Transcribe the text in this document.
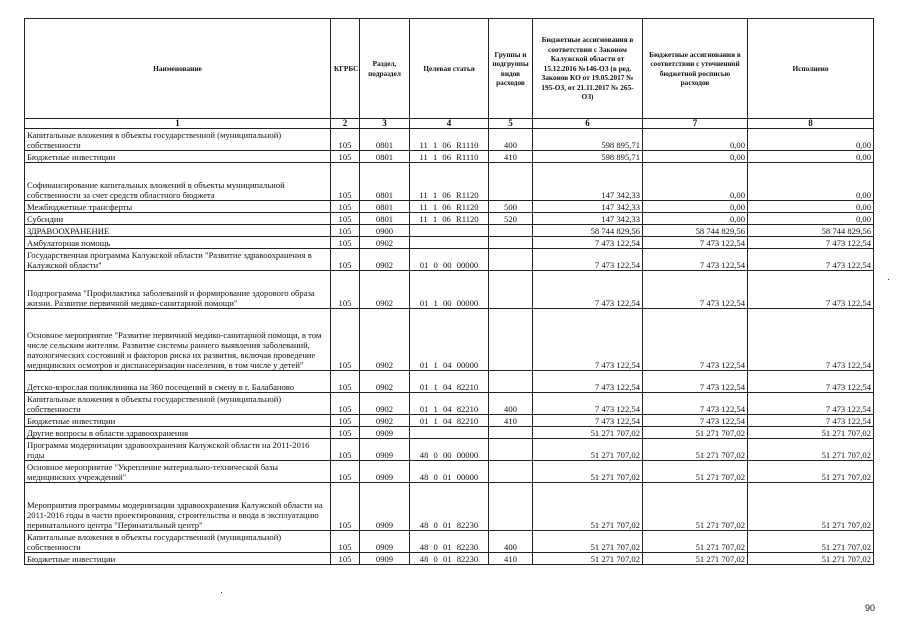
Наименование	КГРБС	Раздел, подраздел	Целевая статья	Группы и подгруппы видов расходов	Бюджетные ассигнования в соответствии с Законом Калужской области от 15.12.2016 №146-ОЗ (в ред. Законов КО от 19.05.2017 № 195-ОЗ, от 21.11.2017 № 265-ОЗ)	Бюджетные ассигнования в соответствии с уточненной бюджетной росписью расходов	Исполнено
1	2	3	4	5	6	7	8
Капитальные вложения в объекты государственной (муниципальной) собственности	105	0801	11 1 06 R1110	400	598 895,71	0,00	0,00
Бюджетные инвестиции	105	0801	11 1 06 R1110	410	598 895,71	0,00	0,00
Софинансирование капитальных вложений в объекты муниципальной собственности за счет средств областного бюджета	105	0801	11 1 06 R1120		147 342,33	0,00	0,00
Межбюджетные трансферты	105	0801	11 1 06 R1120	500	147 342,33	0,00	0,00
Субсидии	105	0801	11 1 06 R1120	520	147 342,33	0,00	0,00
ЗДРАВООХРАНЕНИЕ	105	0900			58 744 829,56	58 744 829,56	58 744 829,56
Амбулаторная помощь	105	0902			7 473 122,54	7 473 122,54	7 473 122,54
Государственная программа Калужской области "Развитие здравоохранения в Калужской области"	105	0902	01 0 00 00000		7 473 122,54	7 473 122,54	7 473 122,54
Подпрограмма "Профилактика заболеваний и формирование здорового образа жизни. Развитие первичной медико-санитарной помощи"	105	0902	01 1 00 00000		7 473 122,54	7 473 122,54	7 473 122,54
Основное мероприятие "Развитие первичной медико-санитарной помощи, в том числе сельским жителям. Развитие системы раннего выявления заболеваний, патологических состояний и факторов риска их развития, включая проведение медицинских осмотров и диспансеризации населения, в том числе у детей"	105	0902	01 1 04 00000		7 473 122,54	7 473 122,54	7 473 122,54
Детско-взрослая поликлиника на 360 посещений в смену в г. Балабаново	105	0902	01 1 04 82210		7 473 122,54	7 473 122,54	7 473 122,54
Капитальные вложения в объекты государственной (муниципальной) собственности	105	0902	01 1 04 82210	400	7 473 122,54	7 473 122,54	7 473 122,54
Бюджетные инвестиции	105	0902	01 1 04 82210	410	7 473 122,54	7 473 122,54	7 473 122,54
Другие вопросы в области здравоохранения	105	0909			51 271 707,02	51 271 707,02	51 271 707,02
Программа модернизации здравоохранения Калужской области на 2011-2016 годы	105	0909	48 0 00 00000		51 271 707,02	51 271 707,02	51 271 707,02
Основное мероприятие "Укрепление материально-технической базы медицинских учреждений"	105	0909	48 0 01 00000		51 271 707,02	51 271 707,02	51 271 707,02
Мероприятия программы модернизации здравоохранения Калужской области на 2011-2016 годы в части проектирования, строительства и ввода в эксплуатацию перинатального центра "Перинатальный центр"	105	0909	48 0 01 82230		51 271 707,02	51 271 707,02	51 271 707,02
Капитальные вложения в объекты государственной (муниципальной) собственности	105	0909	48 0 01 82230	400	51 271 707,02	51 271 707,02	51 271 707,02
Бюджетные инвестиции	105	0909	48 0 01 82230	410	51 271 707,02	51 271 707,02	51 271 707,02
90
